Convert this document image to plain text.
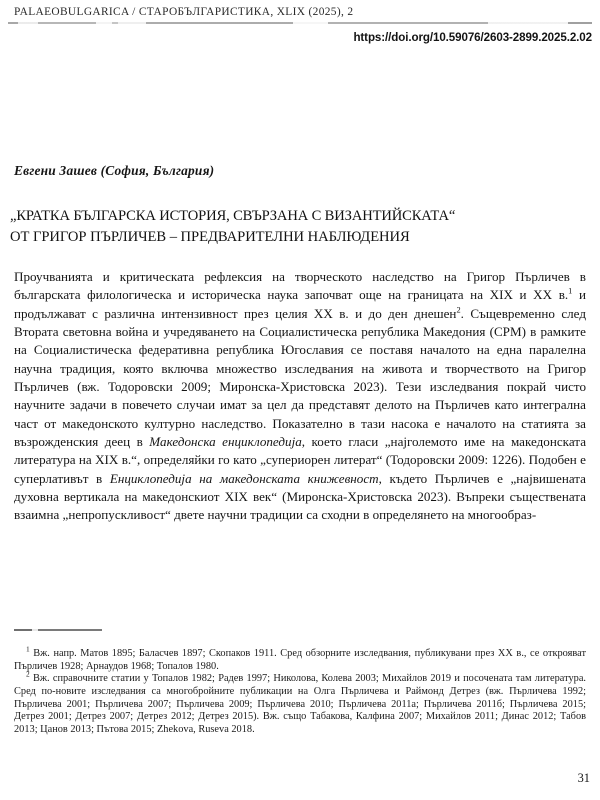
PALAEOBULGARICA / СТАРОБЪЛГАРИСТИКА, XLIX (2025), 2
https://doi.org/10.59076/2603-2899.2025.2.02
Евгени Зашев (София, България)
„КРАТКА БЪЛГАРСКА ИСТОРИЯ, СВЪРЗАНА С ВИЗАНТИЙСКАТА“
ОТ ГРИГОР ПЪРЛИЧЕВ – ПРЕДВАРИТЕЛНИ НАБЛЮДЕНИЯ

Проучванията и критическата рефлексия на творческото наследство на Григор Пърличев в българската филологическа и историческа наука започват още на границата на XIX и XX в.$^1$ и продължават с различна интензивност през целия XX в. и до ден днешен$^2$. Същевременно след Втората световна война и учредяването на Социалистическа република Македония (СРМ) в рамките на Социалистическа федеративна република Югославия се поставя началото на една паралелна научна традиция, която включва множество изследвания на живота и творчеството на Григор Пърличев (вж. Тодоровски 2009; Миронска-Христовска 2023). Тези изследвания покрай чисто научните задачи в повечето случаи имат за цел да представят делото на Пърличев като интегрална част от македонското културно наследство. Показателно в тази насока е началото на статията за възрожденския деец в Македонска енциклопедија, което гласи „најголемото име на македонската литература на XIX в.“, определяйки го като „супериорен литерат“ (Тодоровски 2009: 1226). Подобен е суперлативът в Енциклопедија на македонската книжевност, където Пърличев е „највишената духовна вертикала на македонскиот XIX век“ (Миронска-Христовска 2023). Въпреки съществената взаимна „непропускливост“ двете научни традиции са сходни в определянето на многообраз-

$^1$ Вж. напр. Матов 1895; Баласчев 1897; Скопаков 1911. Сред обзорните изследвания, публикувани през XX в., се открояват Пърличев 1928; Арнаудов 1968; Топалов 1980.

$^2$ Вж. справочните статии у Топалов 1982; Радев 1997; Николова, Колева 2003; Михайлов 2019 и посочената там литература. Сред по-новите изследвания са многобройните публикации на Олга Пърличева и Раймонд Детрез (вж. Пърличева 1992; Пърличева 2001; Пърличева 2007; Пърличева 2009; Пърличева 2010; Пърличева 2011а; Пърличева 2011б; Пърличева 2015; Детрез 2001; Детрез 2007; Детрез 2012; Детрез 2015). Вж. също Табакова, Калфина 2007; Михайлов 2011; Динас 2012; Табов 2013; Цанов 2013; Пътова 2015; Zhekova, Ruseva 2018.

31
